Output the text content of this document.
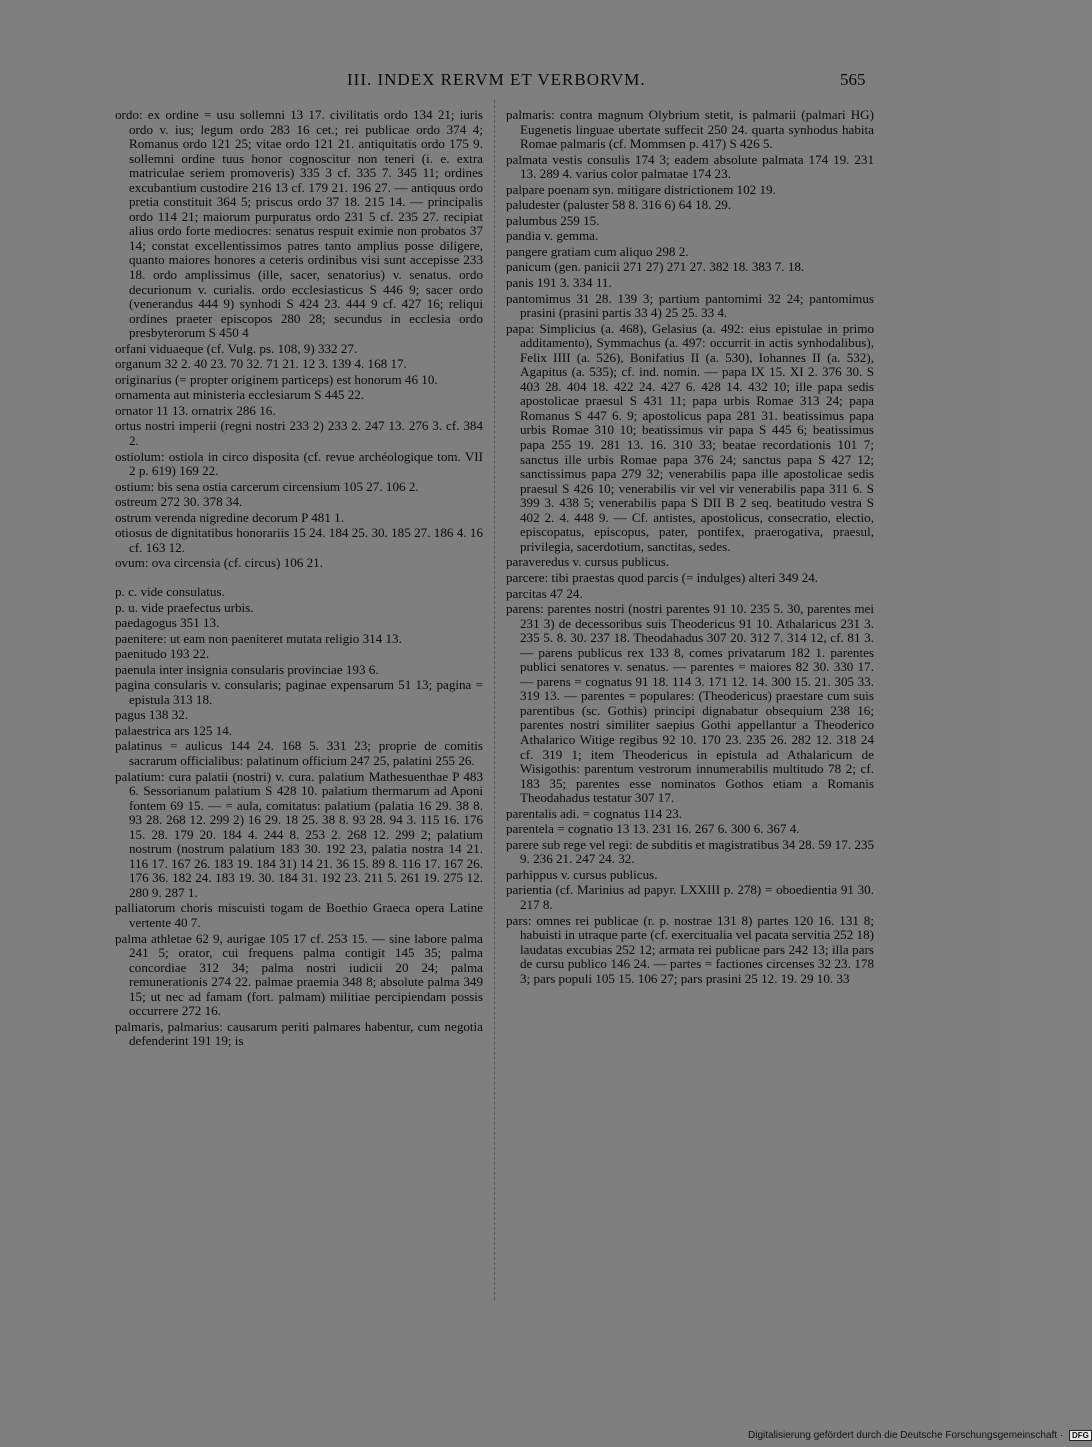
III. INDEX RERVM ET VERBORVM.	565
ordo: ex ordine = usu sollemni 13 17. civilitatis ordo 134 21; iuris ordo v. ius; legum ordo 283 16 cet.; rei publicae ordo 374 4; Romanus ordo 121 25; vitae ordo 121 21. antiquitatis ordo 175 9. sollemni ordine tuus honor cognoscitur non teneri (i. e. extra matriculae seriem promoveris) 335 3 cf. 335 7. 345 11; ordines excubantium custodire 216 13 cf. 179 21. 196 27. — antiquus ordo pretia constituit 364 5; priscus ordo 37 18. 215 14. — principalis ordo 114 21; maiorum purpuratus ordo 231 5 cf. 235 27. recipiat alius ordo forte mediocres: senatus respuit eximie non probatos 37 14; constat excellentissimos patres tanto amplius posse diligere, quanto maiores honores a ceteris ordinibus visi sunt accepisse 233 18. ordo amplissimus (ille, sacer, senatorius) v. senatus. ordo decurionum v. curialis. ordo ecclesiasticus S 446 9; sacer ordo (venerandus 444 9) synhodi S 424 23. 444 9 cf. 427 16; reliqui ordines praeter episcopos 280 28; secundus in ecclesia ordo presbyterorum S 450 4
orfani viduaeque (cf. Vulg. ps. 108, 9) 332 27.
organum 32 2. 40 23. 70 32. 71 21. 12 3. 139 4. 168 17.
originarius (= propter originem particeps) est honorum 46 10.
ornamenta aut ministeria ecclesiarum S 445 22.
ornator 11 13. ornatrix 286 16.
ortus nostri imperii (regni nostri 233 2) 233 2. 247 13. 276 3. cf. 384 2.
ostiolum: ostiola in circo disposita (cf. revue archéologique tom. VII 2 p. 619) 169 22.
ostium: bis sena ostia carcerum circensium 105 27. 106 2.
ostreum 272 30. 378 34.
ostrum verenda nigredine decorum P 481 1.
otiosus de dignitatibus honorariis 15 24. 184 25. 30. 185 27. 186 4. 16 cf. 163 12.
ovum: ova circensia (cf. circus) 106 21.
p. c. vide consulatus.
p. u. vide praefectus urbis.
paedagogus 351 13.
paenitere: ut eam non paeniteret mutata religio 314 13.
paenitudo 193 22.
paenula inter insignia consularis provinciae 193 6.
pagina consularis v. consularis; paginae expensarum 51 13; pagina = epistula 313 18.
pagus 138 32.
palaestrica ars 125 14.
palatinus = aulicus 144 24. 168 5. 331 23; proprie de comitis sacrarum officialibus: palatinum officium 247 25, palatini 255 26.
palatium: cura palatii (nostri) v. cura. palatium Mathesuenthae P 483 6. Sessorianum palatium S 428 10. palatium thermarum ad Aponi fontem 69 15. — = aula, comitatus: palatium (palatia 16 29. 38 8. 93 28. 268 12. 299 2) 16 29. 18 25. 38 8. 93 28. 94 3. 115 16. 176 15. 28. 179 20. 184 4. 244 8. 253 2. 268 12. 299 2; palatium nostrum (nostrum palatium 183 30. 192 23, palatia nostra 14 21. 116 17. 167 26. 183 19. 184 31) 14 21. 36 15. 89 8. 116 17. 167 26. 176 36. 182 24. 183 19. 30. 184 31. 192 23. 211 5. 261 19. 275 12. 280 9. 287 1.
palliatorum choris miscuisti togam de Boethio Graeca opera Latine vertente 40 7.
palma athletae 62 9, aurigae 105 17 cf. 253 15. — sine labore palma 241 5; orator, cui frequens palma contigit 145 35; palma concordiae 312 34; palma nostri iudicii 20 24; palma remunerationis 274 22. palmae praemia 348 8; absolute palma 349 15; ut nec ad famam (fort. palmam) militiae percipiendam possis occurrere 272 16.
palmaris, palmarius: causarum periti palmares habentur, cum negotia defenderint 191 19; is
palmaris: contra magnum Olybrium stetit, is palmarii (palmari HG) Eugenetis linguae ubertate suffecit 250 24. quarta synhodus habita Romae palmaris (cf. Mommsen p. 417) S 426 5.
palmata vestis consulis 174 3; eadem absolute palmata 174 19. 231 13. 289 4. varius color palmatae 174 23.
palpare poenam syn. mitigare districtionem 102 19.
paludester (paluster 58 8. 316 6) 64 18. 29.
palumbus 259 15.
pandia v. gemma.
pangere gratiam cum aliquo 298 2.
panicum (gen. panicii 271 27) 271 27. 382 18. 383 7. 18.
panis 191 3. 334 11.
pantomimus 31 28. 139 3; partium pantomimi 32 24; pantomimus prasini (prasini partis 33 4) 25 25. 33 4.
papa: Simplicius (a. 468), Gelasius (a. 492: eius epistulae in primo additamento), Symmachus (a. 497: occurrit in actis synhodalibus), Felix IIII (a. 526), Bonifatius II (a. 530), Iohannes II (a. 532), Agapitus (a. 535); cf. ind. nomin. — papa IX 15. XI 2. 376 30. S 403 28. 404 18. 422 24. 427 6. 428 14. 432 10; ille papa sedis apostolicae praesul S 431 11; papa urbis Romae 313 24; papa Romanus S 447 6. 9; apostolicus papa 281 31. beatissimus papa urbis Romae 310 10; beatissimus vir papa S 445 6; beatissimus papa 255 19. 281 13. 16. 310 33; beatae recordationis 101 7; sanctus ille urbis Romae papa 376 24; sanctus papa S 427 12; sanctissimus papa 279 32; venerabilis papa ille apostolicae sedis praesul S 426 10; venerabilis vir vel vir venerabilis papa 311 6. S 399 3. 438 5; venerabilis papa S DII B 2 seq. beatitudo vestra S 402 2. 4. 448 9. — Cf. antistes, apostolicus, consecratio, electio, episcopatus, episcopus, pater, pontifex, praerogativa, praesul, privilegia, sacerdotium, sanctitas, sedes.
paraveredus v. cursus publicus.
parcere: tibi praestas quod parcis (= indulges) alteri 349 24.
parcitas 47 24.
parens: parentes nostri (nostri parentes 91 10. 235 5. 30, parentes mei 231 3) de decessoribus suis Theodericus 91 10. Athalaricus 231 3. 235 5. 8. 30. 237 18. Theodahadus 307 20. 312 7. 314 12, cf. 81 3. — parens publicus rex 133 8, comes privatarum 182 1. parentes publici senatores v. senatus. — parentes = maiores 82 30. 330 17. — parens = cognatus 91 18. 114 3. 171 12. 14. 300 15. 21. 305 33. 319 13. — parentes = populares: (Theodericus) praestare cum suis parentibus (sc. Gothis) principi dignabatur obsequium 238 16; parentes nostri similiter saepius Gothi appellantur a Theoderico Athalarico Witige regibus 92 10. 170 23. 235 26. 282 12. 318 24 cf. 319 1; item Theodericus in epistula ad Athalaricum de Wisigothis: parentum vestrorum innumerabilis multitudo 78 2; cf. 183 35; parentes esse nominatos Gothos etiam a Romanis Theodahadus testatur 307 17.
parentalis adi. = cognatus 114 23.
parentela = cognatio 13 13. 231 16. 267 6. 300 6. 367 4.
parere sub rege vel regi: de subditis et magistratibus 34 28. 59 17. 235 9. 236 21. 247 24. 32.
parhippus v. cursus publicus.
parientia (cf. Marinius ad papyr. LXXIII p. 278) = oboedientia 91 30. 217 8.
pars: omnes rei publicae (r. p. nostrae 131 8) partes 120 16. 131 8; habuisti in utraque parte (cf. exercitualia vel pacata servitia 252 18) laudatas excubias 252 12; armata rei publicae pars 242 13; illa pars de cursu publico 146 24. — partes = factiones circenses 32 23. 178 3; pars populi 105 15. 106 27; pars prasini 25 12. 19. 29 10. 33
Digitalisierung gefördert durch die Deutsche Forschungsgemeinschaft · DFG
